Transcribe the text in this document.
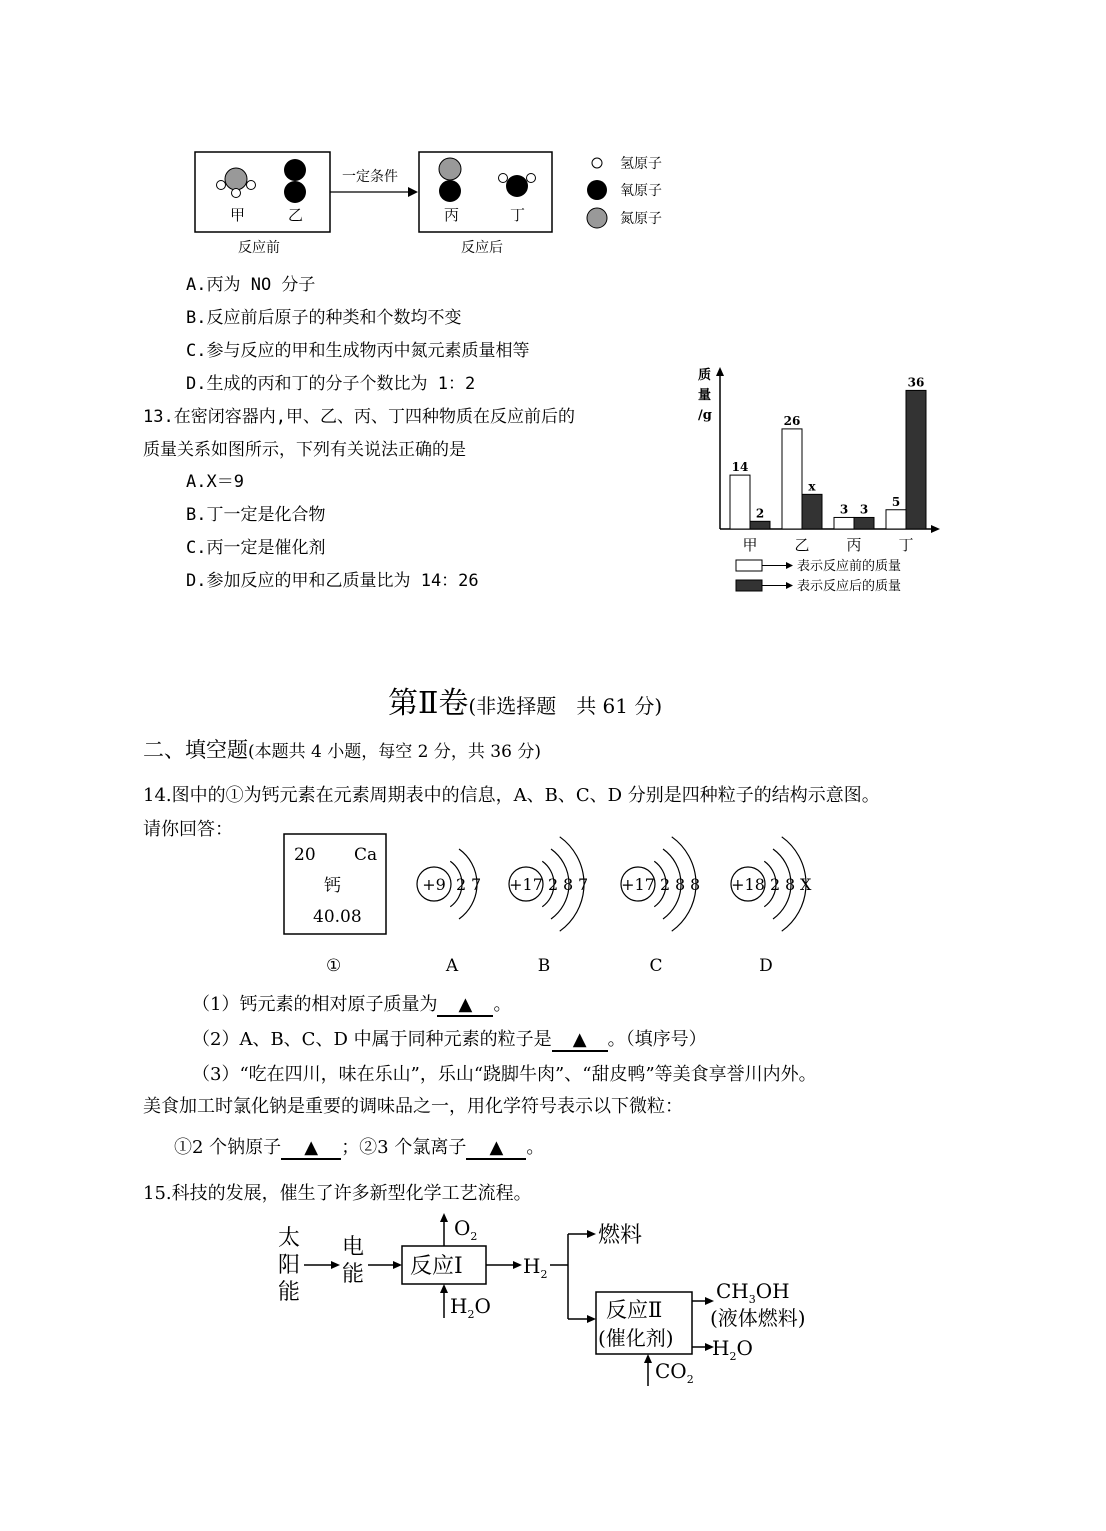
甲	乙
一定条件
丙	丁
反应前	反应后
氢原子
氧原子
氮原子
A.丙为 NO 分子
B.反应前后原子的种类和个数均不变
C.参与反应的甲和生成物丙中氮元素质量相等
D.生成的丙和丁的分子个数比为 1：2
13.在密闭容器内,甲、乙、丙、丁四种物质在反应前后的
质量关系如图所示，下列有关说法正确的是
A.X＝9
B.丁一定是化合物
C.丙一定是催化剂
D.参加反应的甲和乙质量比为 14：26
质
量
/g
14
2
甲
26
x
乙
3 3
丙
5
36
丁
表示反应前的质量
表示反应后的质量
第Ⅱ卷(非选择题　共 61 分)
二、填空题(本题共 4 小题，每空 2 分，共 36 分)
14.图中的①为钙元素在元素周期表中的信息，A、B、C、D 分别是四种粒子的结构示意图。
请你回答：
20 Ca
钙
40.08
①
+9 2 7
A
+17 2 8 7
B
+17 2 8 8
C
+18 2 8 X
D
（1）钙元素的相对原子质量为 ▲ 。
（2）A、B、C、D 中属于同种元素的粒子是 ▲ 。（填序号）
（3）“吃在四川，味在乐山”，乐山“跷脚牛肉”、“甜皮鸭”等美食享誉川内外。
美食加工时氯化钠是重要的调味品之一，用化学符号表示以下微粒：
①2 个钠原子 ▲ ；②3 个氯离子 ▲ 。
15.科技的发展，催生了许多新型化学工艺流程。
太
阳
能
电
能 反应Ⅰ
$O_2$
$H_2O$
$H_2$
燃料
反应Ⅱ
(催化剂)
$CH_3OH$
(液体燃料)
$H_2O$
$CO_2$
